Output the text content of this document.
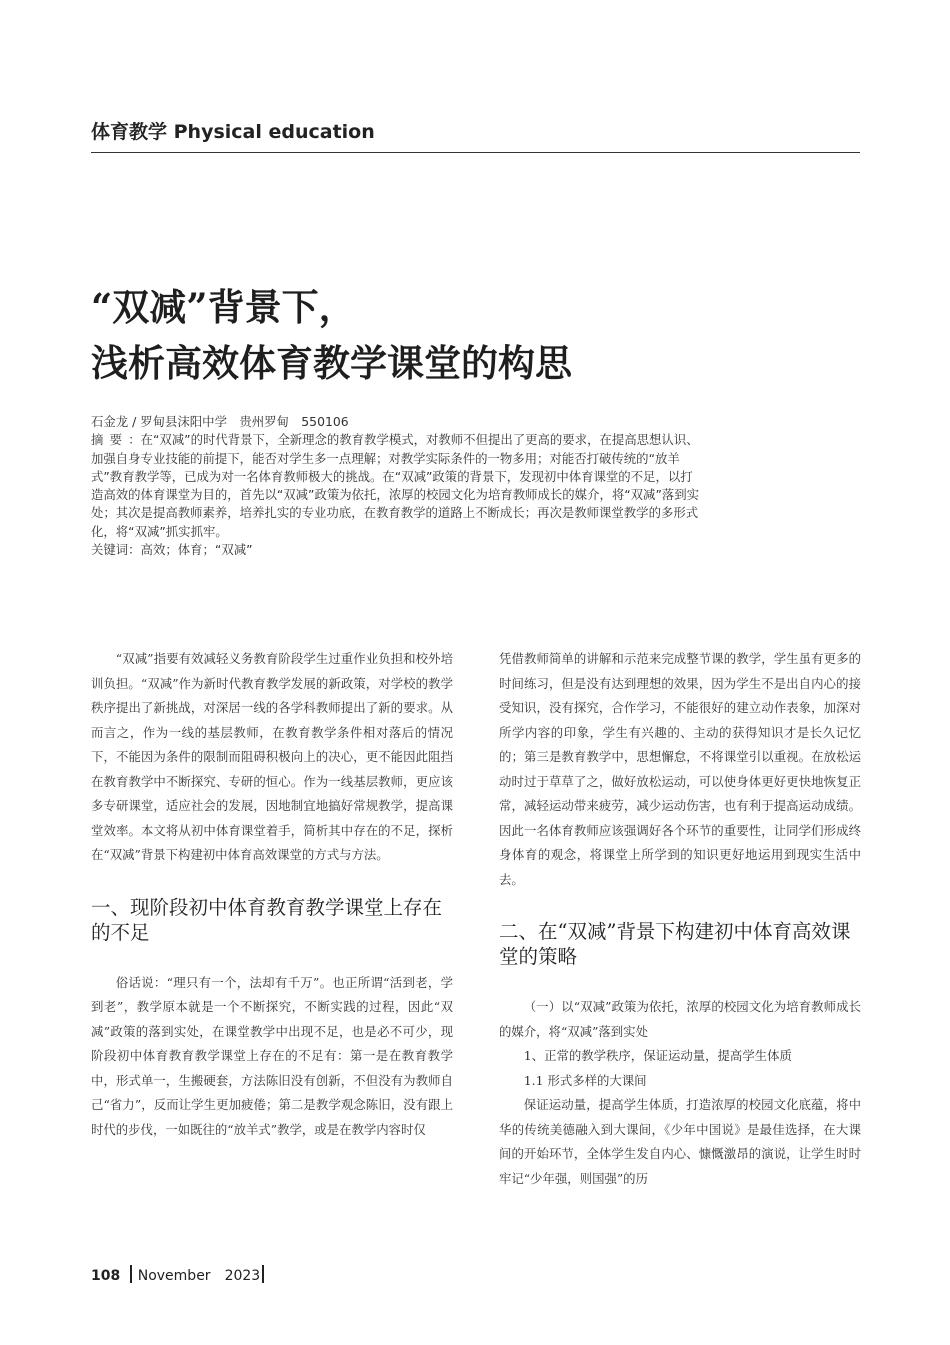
体育教学 Physical education
“双减”背景下，
浅析高效体育教学课堂的构思

石金龙 / 罗甸县沫阳中学　贵州罗甸　550106

摘要：在“双减”的时代背景下，全新理念的教育教学模式，对教师不但提出了更高的要求，在提高思想认识、加强自身专业技能的前提下，能否对学生多一点理解；对教学实际条件的一物多用；对能否打破传统的“放羊式”教育教学等，已成为对一名体育教师极大的挑战。在“双减”政策的背景下，发现初中体育课堂的不足，以打造高效的体育课堂为目的，首先以“双减”政策为依托，浓厚的校园文化为培育教师成长的媒介，将“双减”落到实处；其次是提高教师素养，培养扎实的专业功底，在教育教学的道路上不断成长；再次是教师课堂教学的多形式化，将“双减”抓实抓牢。

关键词：高效；体育；“双减”

“双减”指要有效减轻义务教育阶段学生过重作业负担和校外培训负担。“双减”作为新时代教育教学发展的新政策，对学校的教学秩序提出了新挑战，对深居一线的各学科教师提出了新的要求。从而言之，作为一线的基层教师，在教育教学条件相对落后的情况下，不能因为条件的限制而阻碍积极向上的决心，更不能因此阻挡在教育教学中不断探究、专研的恒心。作为一线基层教师，更应该多专研课堂，适应社会的发展，因地制宜地搞好常规教学，提高课堂效率。本文将从初中体育课堂着手，简析其中存在的不足，探析在“双减”背景下构建初中体育高效课堂的方式与方法。

一、现阶段初中体育教育教学课堂上存在的不足

俗话说：“理只有一个，法却有千万”。也正所谓“活到老，学到老”，教学原本就是一个不断探究，不断实践的过程，因此“双减”政策的落到实处，在课堂教学中出现不足，也是必不可少，现阶段初中体育教育教学课堂上存在的不足有：第一是在教育教学中，形式单一，生搬硬套，方法陈旧没有创新，不但没有为教师自己“省力”，反而让学生更加疲倦；第二是教学观念陈旧，没有跟上时代的步伐，一如既往的“放羊式”教学，或是在教学内容时仅

凭借教师简单的讲解和示范来完成整节课的教学，学生虽有更多的时间练习，但是没有达到理想的效果，因为学生不是出自内心的接受知识，没有探究，合作学习，不能很好的建立动作表象，加深对所学内容的印象，学生有兴趣的、主动的获得知识才是长久记忆的；第三是教育教学中，思想懈怠，不将课堂引以重视。在放松运动时过于草草了之，做好放松运动，可以使身体更好更快地恢复正常，减轻运动带来疲劳，减少运动伤害，也有利于提高运动成绩。因此一名体育教师应该强调好各个环节的重要性，让同学们形成终身体育的观念，将课堂上所学到的知识更好地运用到现实生活中去。

二、在“双减”背景下构建初中体育高效课堂的策略

（一）以“双减”政策为依托，浓厚的校园文化为培育教师成长的媒介，将“双减”落到实处

1、正常的教学秩序，保证运动量，提高学生体质

1.1 形式多样的大课间

保证运动量，提高学生体质，打造浓厚的校园文化底蕴，将中华的传统美德融入到大课间，《少年中国说》是最佳选择，在大课间的开始环节，全体学生发自内心、慷慨激昂的演说，让学生时时牢记“少年强，则国强”的历

108 November　2023
